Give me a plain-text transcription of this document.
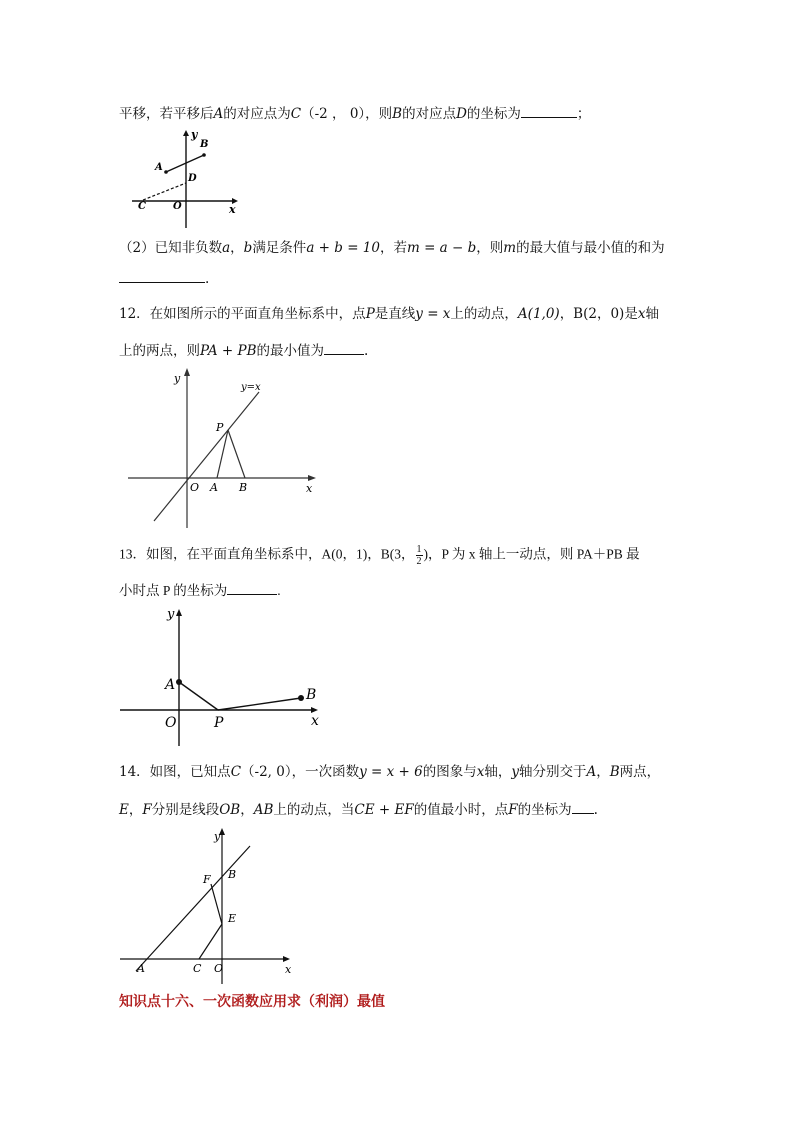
平移，若平移后A的对应点为C（-2 ， 0），则B的对应点D的坐标为	；
y
B
A
D
C	O	x
（2）已知非负数a，b满足条件a + b = 10，若m = a − b，则m的最大值与最小值的和为
.
12．在如图所示的平面直角坐标系中，点P是直线y = x上的动点，A(1,0)，B(2，0)是x轴
上的两点，则PA + PB的最小值为	.
y
y=x
P
O A B	x
13．如图，在平面直角坐标系中，A(0，1)，B(3， $\frac{1}{2}$ )，P 为 x 轴上一动点，则 PA＋PB 最
小时点 P 的坐标为	.
y
A
B
O	P	x
14．如图，已知点C（-2, 0），一次函数y = x + 6的图象与x轴，y轴分别交于A，B两点，
E，F分别是线段OB，AB上的动点，当CE + EF的值最小时，点F的坐标为 .
y
F B
E
A	C O	x
知识点十六、一次函数应用求（利润）最值
